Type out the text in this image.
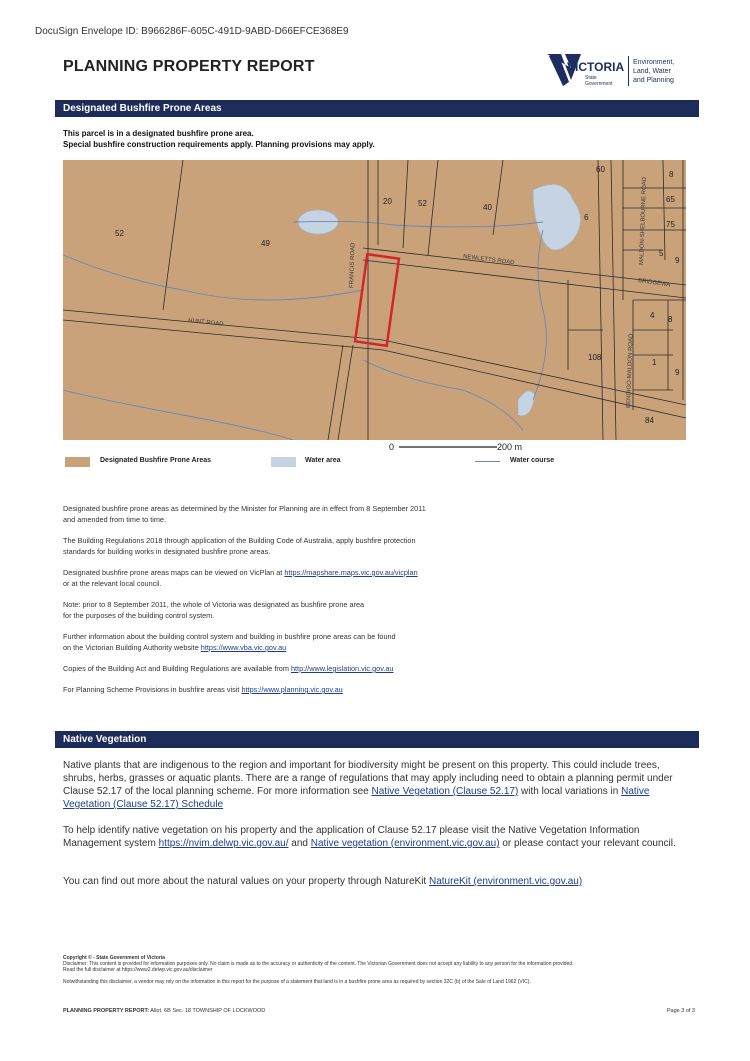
DocuSign Envelope ID: B966286F-605C-491D-9ABD-D66EFCE368E9
PLANNING PROPERTY REPORT	VICTORIA
State
Government
Environment,
Land, Water
and Planning
Designated Bushfire Prone Areas
This parcel is in a designated bushfire prone area.
Special bushfire construction requirements apply. Planning provisions may apply.
60
8
65
75
5
9
20	52	40
6
52
49
4 8
1
9
108
84
NEWLETTS ROAD
HUNT ROAD
FRANCIS ROAD
MALDON-SHELBOURNE ROAD
BENDIGO-MALDON ROAD
BRIDGEWA
0	200 m
Designated Bushfire Prone Areas	Water area	Water course
Designated bushfire prone areas as determined by the Minister for Planning are in effect from 8 September 2011
and amended from time to time.
The Building Regulations 2018 through application of the Building Code of Australia, apply bushfire protection
standards for building works in designated bushfire prone areas.
Designated bushfire prone areas maps can be viewed on VicPlan at https://mapshare.maps.vic.gov.au/vicplan
or at the relevant local council.
Note: prior to 8 September 2011, the whole of Victoria was designated as bushfire prone area
for the purposes of the building control system.
Further information about the building control system and building in bushfire prone areas can be found
on the Victorian Building Authority website https://www.vba.vic.gov.au
Copies of the Building Act and Building Regulations are available from http://www.legislation.vic.gov.au
For Planning Scheme Provisions in bushfire areas visit https://www.planning.vic.gov.au
Native Vegetation
Native plants that are indigenous to the region and important for biodiversity might be present on this property. This could include trees, shrubs, herbs, grasses or aquatic plants. There are a range of regulations that may apply including need to obtain a planning permit under Clause 52.17 of the local planning scheme. For more information see Native Vegetation (Clause 52.17) with local variations in Native Vegetation (Clause 52.17) Schedule
To help identify native vegetation on his property and the application of Clause 52.17 please visit the Native Vegetation Information Management system https://nvim.delwp.vic.gov.au/ and Native vegetation (environment.vic.gov.au) or please contact your relevant council.
You can find out more about the natural values on your property through NatureKit NatureKit (environment.vic.gov.au)
Copyright © - State Government of Victoria
Disclaimer: This content is provided for information purposes only. No claim is made as to the accuracy or authenticity of the content. The Victorian Government does not accept any liability to any person for the information provided.
Read the full disclaimer at https://www2.delwp.vic.gov.au/disclaimer
Notwithstanding this disclaimer, a vendor may rely on the information in this report for the purpose of a statement that land is in a bushfire prone area as required by section 32C (b) of the Sale of Land 1962 (VIC).
PLANNING PROPERTY REPORT: Allot. 6B Sec. 18 TOWNSHIP OF LOCKWOOD	Page 3 of 3
